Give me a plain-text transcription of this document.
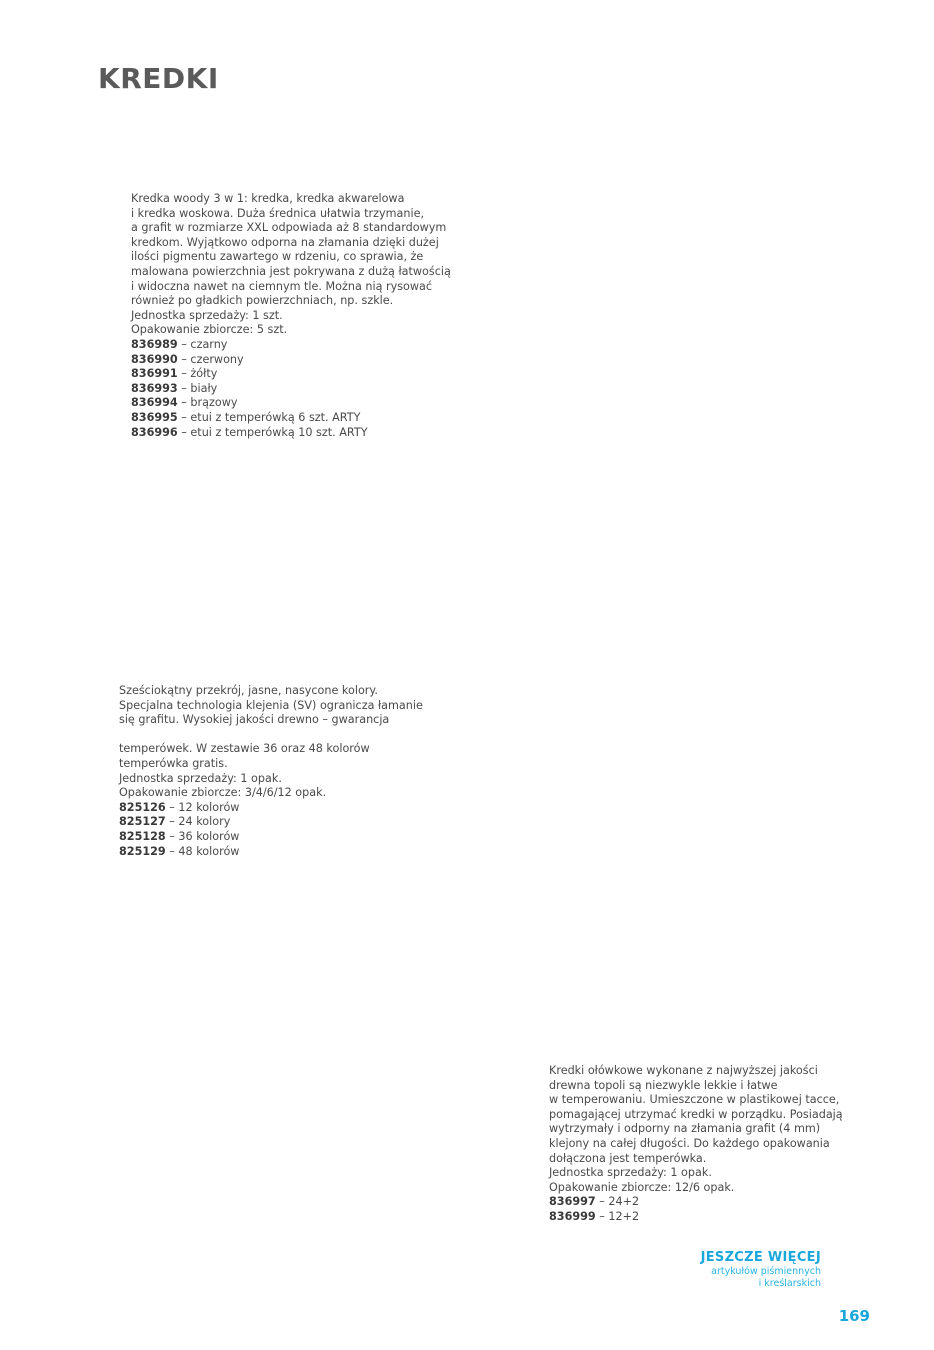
KREDKI
Kredka woody 3 w 1: kredka, kredka akwarelowa
i kredka woskowa. Duża średnica ułatwia trzymanie,
a grafit w rozmiarze XXL odpowiada aż 8 standardowym
kredkom. Wyjątkowo odporna na złamania dzięki dużej
ilości pigmentu zawartego w rdzeniu, co sprawia, że
malowana powierzchnia jest pokrywana z dużą łatwością
i widoczna nawet na ciemnym tle. Można nią rysować
również po gładkich powierzchniach, np. szkle.
Jednostka sprzedaży: 1 szt.
Opakowanie zbiorcze: 5 szt.
836989 – czarny
836990 – czerwony
836991 – żółty
836993 – biały
836994 – brązowy
836995 – etui z temperówką 6 szt. ARTY
836996 – etui z temperówką 10 szt. ARTY
Sześciokątny przekrój, jasne, nasycone kolory.
Specjalna technologia klejenia (SV) ogranicza łamanie
się grafitu. Wysokiej jakości drewno – gwarancja
temperówek. W zestawie 36 oraz 48 kolorów
temperówka gratis.
Jednostka sprzedaży: 1 opak.
Opakowanie zbiorcze: 3/4/6/12 opak.
825126 – 12 kolorów
825127 – 24 kolory
825128 – 36 kolorów
825129 – 48 kolorów
Kredki ołówkowe wykonane z najwyższej jakości
drewna topoli są niezwykle lekkie i łatwe
w temperowaniu. Umieszczone w plastikowej tacce,
pomagającej utrzymać kredki w porządku. Posiadają
wytrzymały i odporny na złamania grafit (4 mm)
klejony na całej długości. Do każdego opakowania
dołączona jest temperówka.
Jednostka sprzedaży: 1 opak.
Opakowanie zbiorcze: 12/6 opak.
836997 – 24+2
836999 – 12+2
JESZCZE WIĘCEJ
artykułów piśmiennych
i kreślarskich
169
